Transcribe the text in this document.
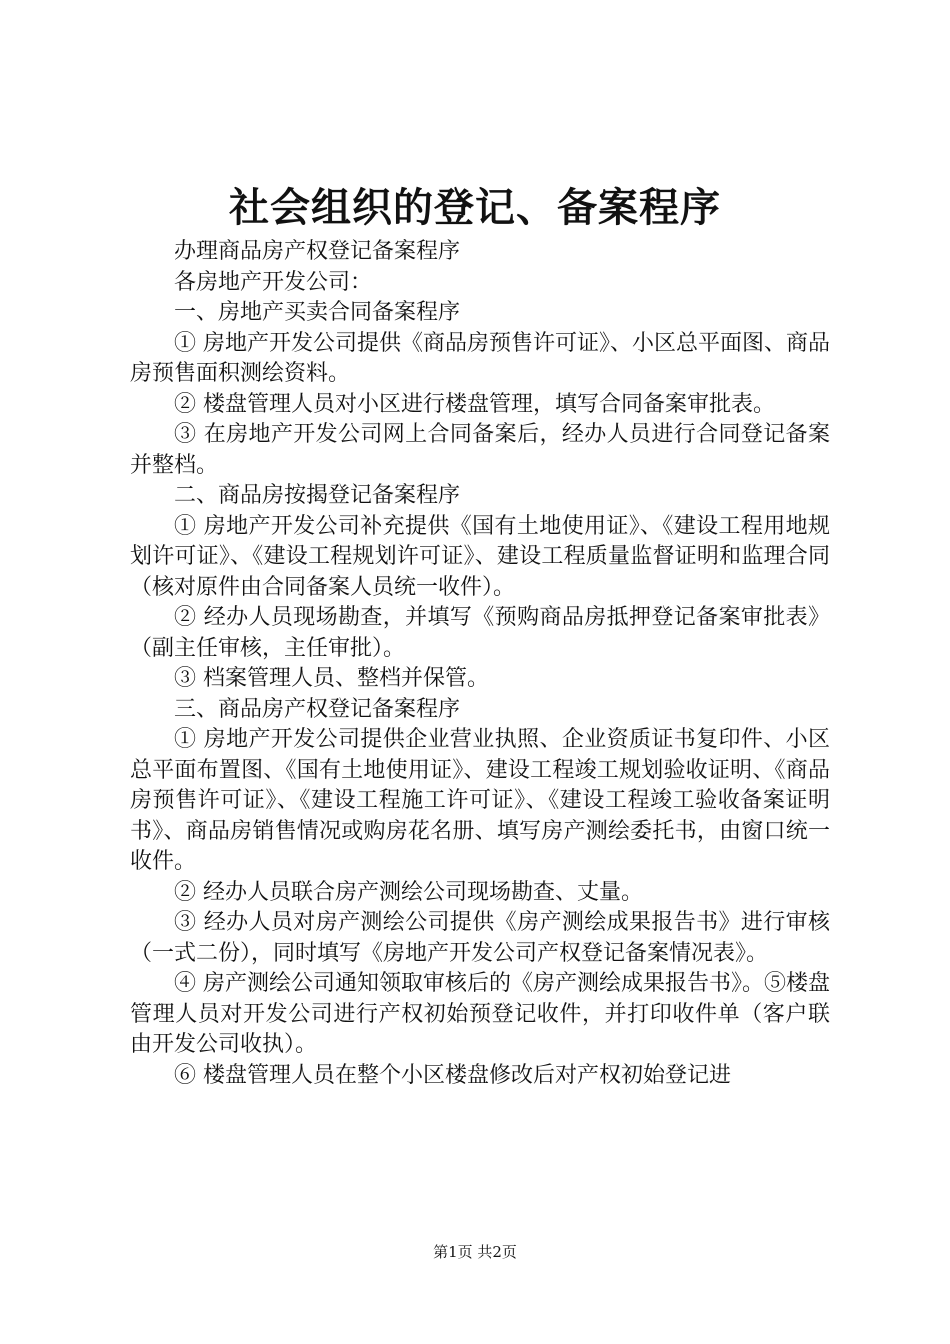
社会组织的登记、备案程序

办理商品房产权登记备案程序

各房地产开发公司：

一、房地产买卖合同备案程序

① 房地产开发公司提供《商品房预售许可证》、小区总平面图、商品房预售面积测绘资料。

② 楼盘管理人员对小区进行楼盘管理，填写合同备案审批表。

③ 在房地产开发公司网上合同备案后，经办人员进行合同登记备案并整档。

二、商品房按揭登记备案程序

① 房地产开发公司补充提供《国有土地使用证》、《建设工程用地规划许可证》、《建设工程规划许可证》、建设工程质量监督证明和监理合同（核对原件由合同备案人员统一收件）。

② 经办人员现场勘查，并填写《预购商品房抵押登记备案审批表》（副主任审核，主任审批）。

③ 档案管理人员、整档并保管。

三、商品房产权登记备案程序

① 房地产开发公司提供企业营业执照、企业资质证书复印件、小区总平面布置图、《国有土地使用证》、建设工程竣工规划验收证明、《商品房预售许可证》、《建设工程施工许可证》、《建设工程竣工验收备案证明书》、商品房销售情况或购房花名册、填写房产测绘委托书，由窗口统一收件。

② 经办人员联合房产测绘公司现场勘查、丈量。

③ 经办人员对房产测绘公司提供《房产测绘成果报告书》进行审核（一式二份），同时填写《房地产开发公司产权登记备案情况表》。

④ 房产测绘公司通知领取审核后的《房产测绘成果报告书》。⑤楼盘管理人员对开发公司进行产权初始预登记收件，并打印收件单（客户联由开发公司收执）。

⑥ 楼盘管理人员在整个小区楼盘修改后对产权初始登记进

第1页 共2页
